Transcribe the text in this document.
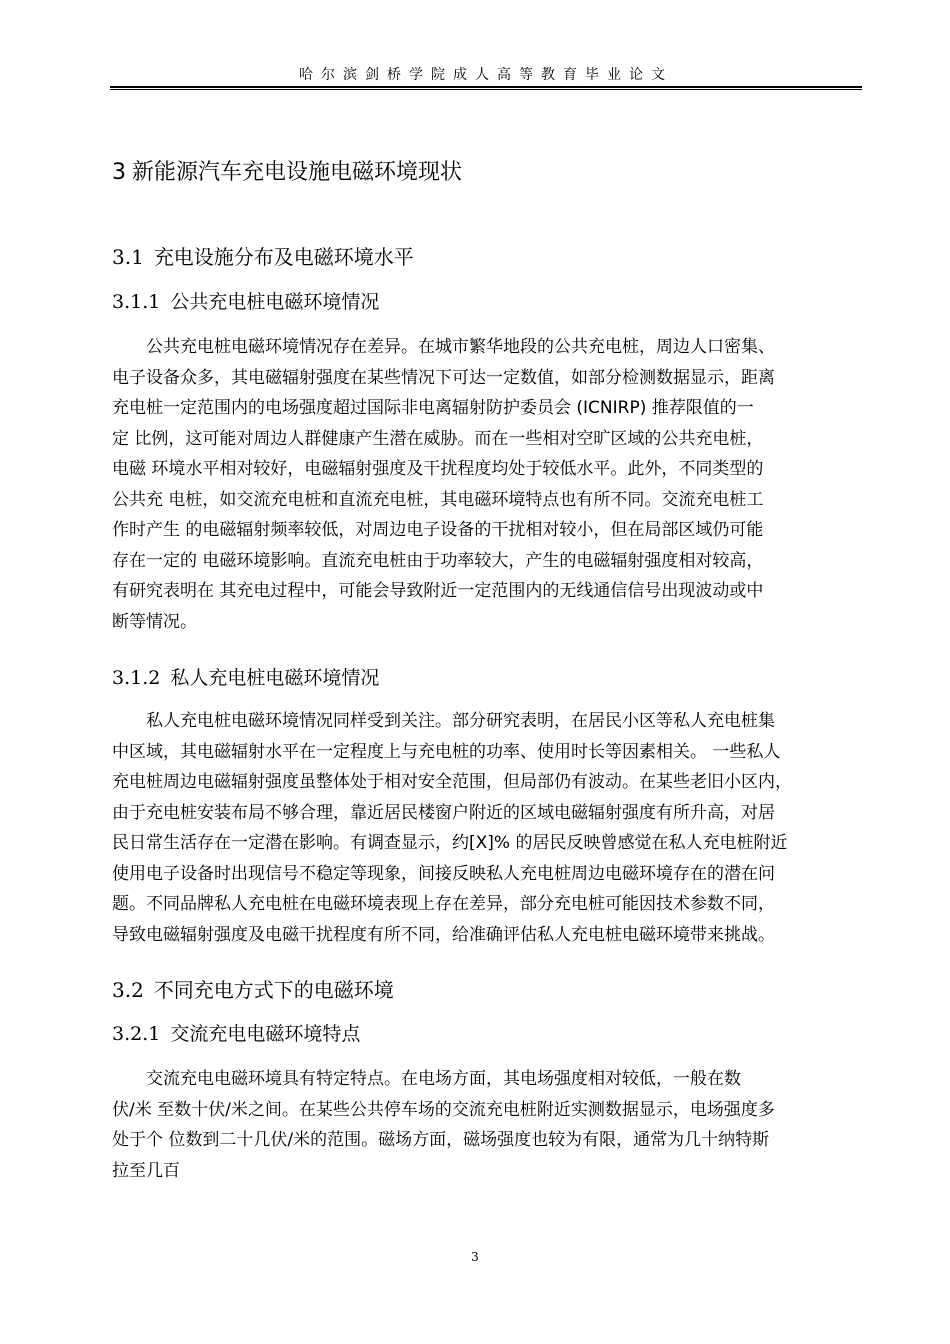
哈尔滨剑桥学院成人高等教育毕业论文
3 新能源汽车充电设施电磁环境现状
3.1 充电设施分布及电磁环境水平
3.1.1 公共充电桩电磁环境情况

　　公共充电桩电磁环境情况存在差异。在城市繁华地段的公共充电桩，周边人口密集、
电子设备众多，其电磁辐射强度在某些情况下可达一定数值，如部分检测数据显示，距离
充电桩一定范围内的电场强度超过国际非电离辐射防护委员会 (ICNIRP) 推荐限值的一
定 比例，这可能对周边人群健康产生潜在威胁。而在一些相对空旷区域的公共充电桩，
电磁 环境水平相对较好，电磁辐射强度及干扰程度均处于较低水平。此外，不同类型的
公共充 电桩，如交流充电桩和直流充电桩，其电磁环境特点也有所不同。交流充电桩工
作时产生 的电磁辐射频率较低，对周边电子设备的干扰相对较小，但在局部区域仍可能
存在一定的 电磁环境影响。直流充电桩由于功率较大，产生的电磁辐射强度相对较高，
有研究表明在 其充电过程中，可能会导致附近一定范围内的无线通信信号出现波动或中
断等情况。

3.1.2 私人充电桩电磁环境情况

　　私人充电桩电磁环境情况同样受到关注。部分研究表明，在居民小区等私人充电桩集
中区域，其电磁辐射水平在一定程度上与充电桩的功率、使用时长等因素相关。 一些私人
充电桩周边电磁辐射强度虽整体处于相对安全范围，但局部仍有波动。在某些老旧小区内，
由于充电桩安装布局不够合理，靠近居民楼窗户附近的区域电磁辐射强度有所升高，对居
民日常生活存在一定潜在影响。有调查显示，约[X]% 的居民反映曾感觉在私人充电桩附近
使用电子设备时出现信号不稳定等现象，间接反映私人充电桩周边电磁环境存在的潜在问
题。不同品牌私人充电桩在电磁环境表现上存在差异，部分充电桩可能因技术参数不同，
导致电磁辐射强度及电磁干扰程度有所不同，给准确评估私人充电桩电磁环境带来挑战。

3.2 不同充电方式下的电磁环境
3.2.1 交流充电电磁环境特点

　　交流充电电磁环境具有特定特点。在电场方面，其电场强度相对较低，一般在数
伏/米 至数十伏/米之间。在某些公共停车场的交流充电桩附近实测数据显示，电场强度多
处于个 位数到二十几伏/米的范围。磁场方面，磁场强度也较为有限，通常为几十纳特斯
拉至几百

3
